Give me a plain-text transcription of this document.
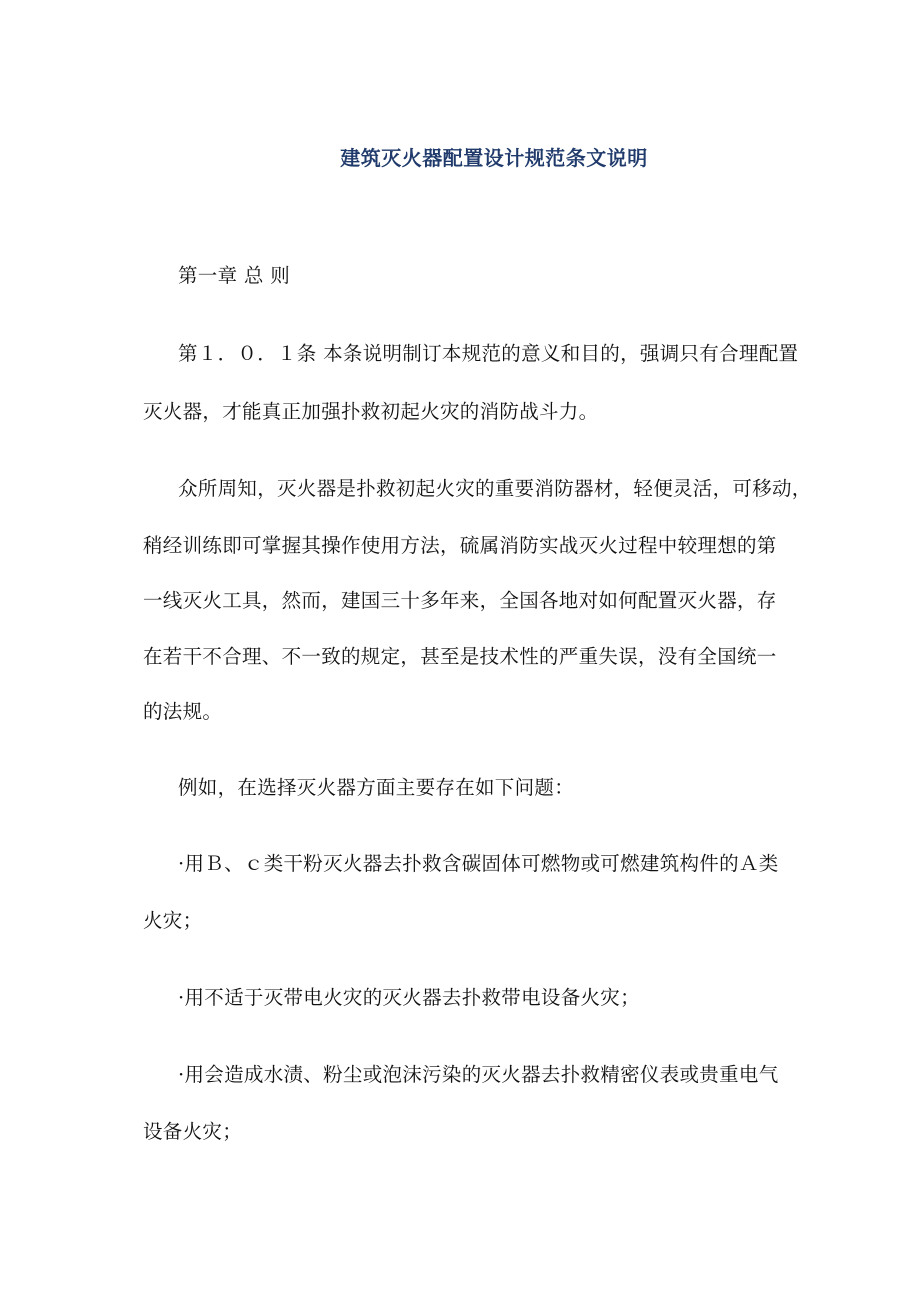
建筑灭火器配置设计规范条文说明
第一章 总 则
第１．０．１条 本条说明制订本规范的意义和目的，强调只有合理配置
灭火器，才能真正加强扑救初起火灾的消防战斗力。
众所周知，灭火器是扑救初起火灾的重要消防器材，轻便灵活，可移动，
稍经训练即可掌握其操作使用方法，硫属消防实战灭火过程中较理想的第
一线灭火工具，然而，建国三十多年来，全国各地对如何配置灭火器，存
在若干不合理、不一致的规定，甚至是技术性的严重失误，没有全国统一
的法规。
例如，在选择灭火器方面主要存在如下问题：
·用Ｂ、ｃ类干粉灭火器去扑救含碳固体可燃物或可燃建筑构件的Ａ类
火灾；
·用不适于灭带电火灾的灭火器去扑救带电设备火灾；
·用会造成水渍、粉尘或泡沫污染的灭火器去扑救精密仪表或贵重电气
设备火灾；
